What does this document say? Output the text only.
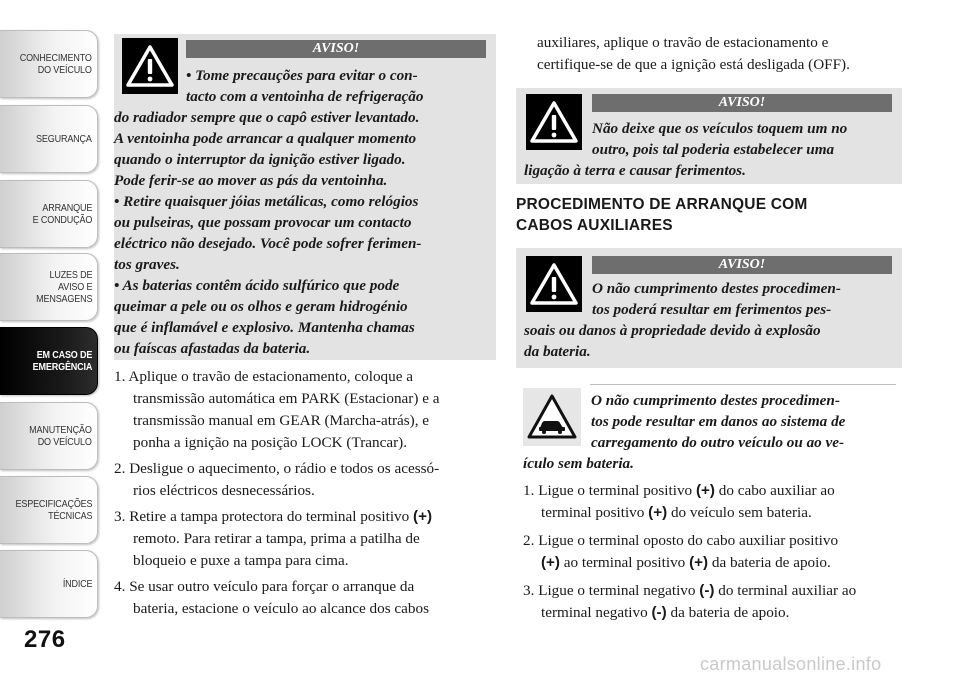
CONHECIMENTO
DO VEÍCULO
SEGURANÇA
ARRANQUE
E CONDUÇÃO
LUZES DE
AVISO E
MENSAGENS
EM CASO DE
EMERGÊNCIA
MANUTENÇÃO
DO VEÍCULO
ESPECIFICAÇÕES
TÉCNICAS
ÍNDICE
276
AVISO!
• Tome precauções para evitar o con-
tacto com a ventoinha de refrigeração
do radiador sempre que o capô estiver levantado.
A ventoinha pode arrancar a qualquer momento
quando o interruptor da ignição estiver ligado.
Pode ferir-se ao mover as pás da ventoinha.
• Retire quaisquer jóias metálicas, como relógios
ou pulseiras, que possam provocar um contacto
eléctrico não desejado. Você pode sofrer ferimen-
tos graves.
• As baterias contêm ácido sulfúrico que pode
queimar a pele ou os olhos e geram hidrogénio
que é inflamável e explosivo. Mantenha chamas
ou faíscas afastadas da bateria.
1. Aplique o travão de estacionamento, coloque a
transmissão automática em PARK (Estacionar) e a
transmissão manual em GEAR (Marcha-atrás), e
ponha a ignição na posição LOCK (Trancar).
2. Desligue o aquecimento, o rádio e todos os acessó-
rios eléctricos desnecessários.
3. Retire a tampa protectora do terminal positivo (+)
remoto. Para retirar a tampa, prima a patilha de
bloqueio e puxe a tampa para cima.
4. Se usar outro veículo para forçar o arranque da
bateria, estacione o veículo ao alcance dos cabos
auxiliares, aplique o travão de estacionamento e
certifique-se de que a ignição está desligada (OFF).
AVISO!
Não deixe que os veículos toquem um no
outro, pois tal poderia estabelecer uma
ligação à terra e causar ferimentos.
PROCEDIMENTO DE ARRANQUE COM
CABOS AUXILIARES
AVISO!
O não cumprimento destes procedimen-
tos poderá resultar em ferimentos pes-
soais ou danos à propriedade devido à explosão
da bateria.
O não cumprimento destes procedimen-
tos pode resultar em danos ao sistema de
carregamento do outro veículo ou ao ve-
ículo sem bateria.
1. Ligue o terminal positivo (+) do cabo auxiliar ao
terminal positivo (+) do veículo sem bateria.
2. Ligue o terminal oposto do cabo auxiliar positivo
(+) ao terminal positivo (+) da bateria de apoio.
3. Ligue o terminal negativo (-) do terminal auxiliar ao
terminal negativo (-) da bateria de apoio.
carmanualsonline.info
